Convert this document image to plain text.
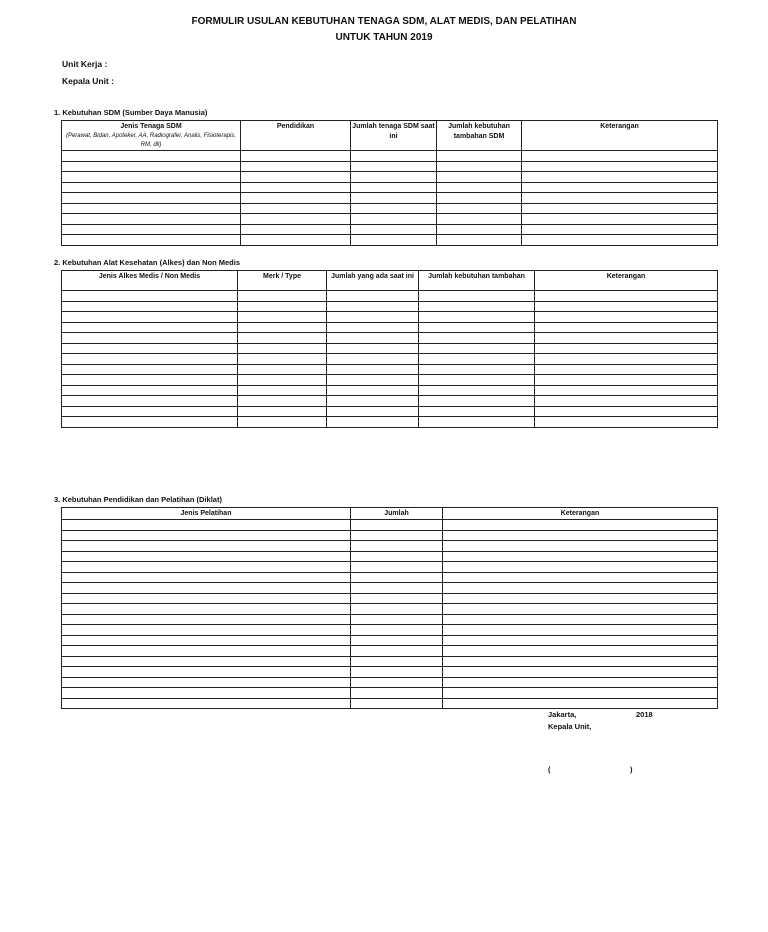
FORMULIR USULAN KEBUTUHAN TENAGA SDM, ALAT MEDIS, DAN PELATIHAN
UNTUK TAHUN 2019
Unit Kerja :
Kepala Unit :
1. Kebutuhan SDM (Sumber Daya Manusia)
Jenis Tenaga SDM
(Perawat, Bidan, Apoteker, AA, Radiografer, Analis, Fisioterapis, RM, dll)	Pendidikan	Jumlah tenaga SDM saat ini	Jumlah kebutuhan tambahan SDM	Keterangan

2. Kebutuhan Alat Kesehatan (Alkes) dan Non Medis
Jenis Alkes Medis / Non Medis	Merk / Type	Jumlah yang ada saat ini	Jumlah kebutuhan tambahan	Keterangan

3. Kebutuhan Pendidikan dan Pelatihan (Diklat)
Jenis Pelatihan	Jumlah	Keterangan

Jakarta,	2018
Kepala Unit,
(	)
